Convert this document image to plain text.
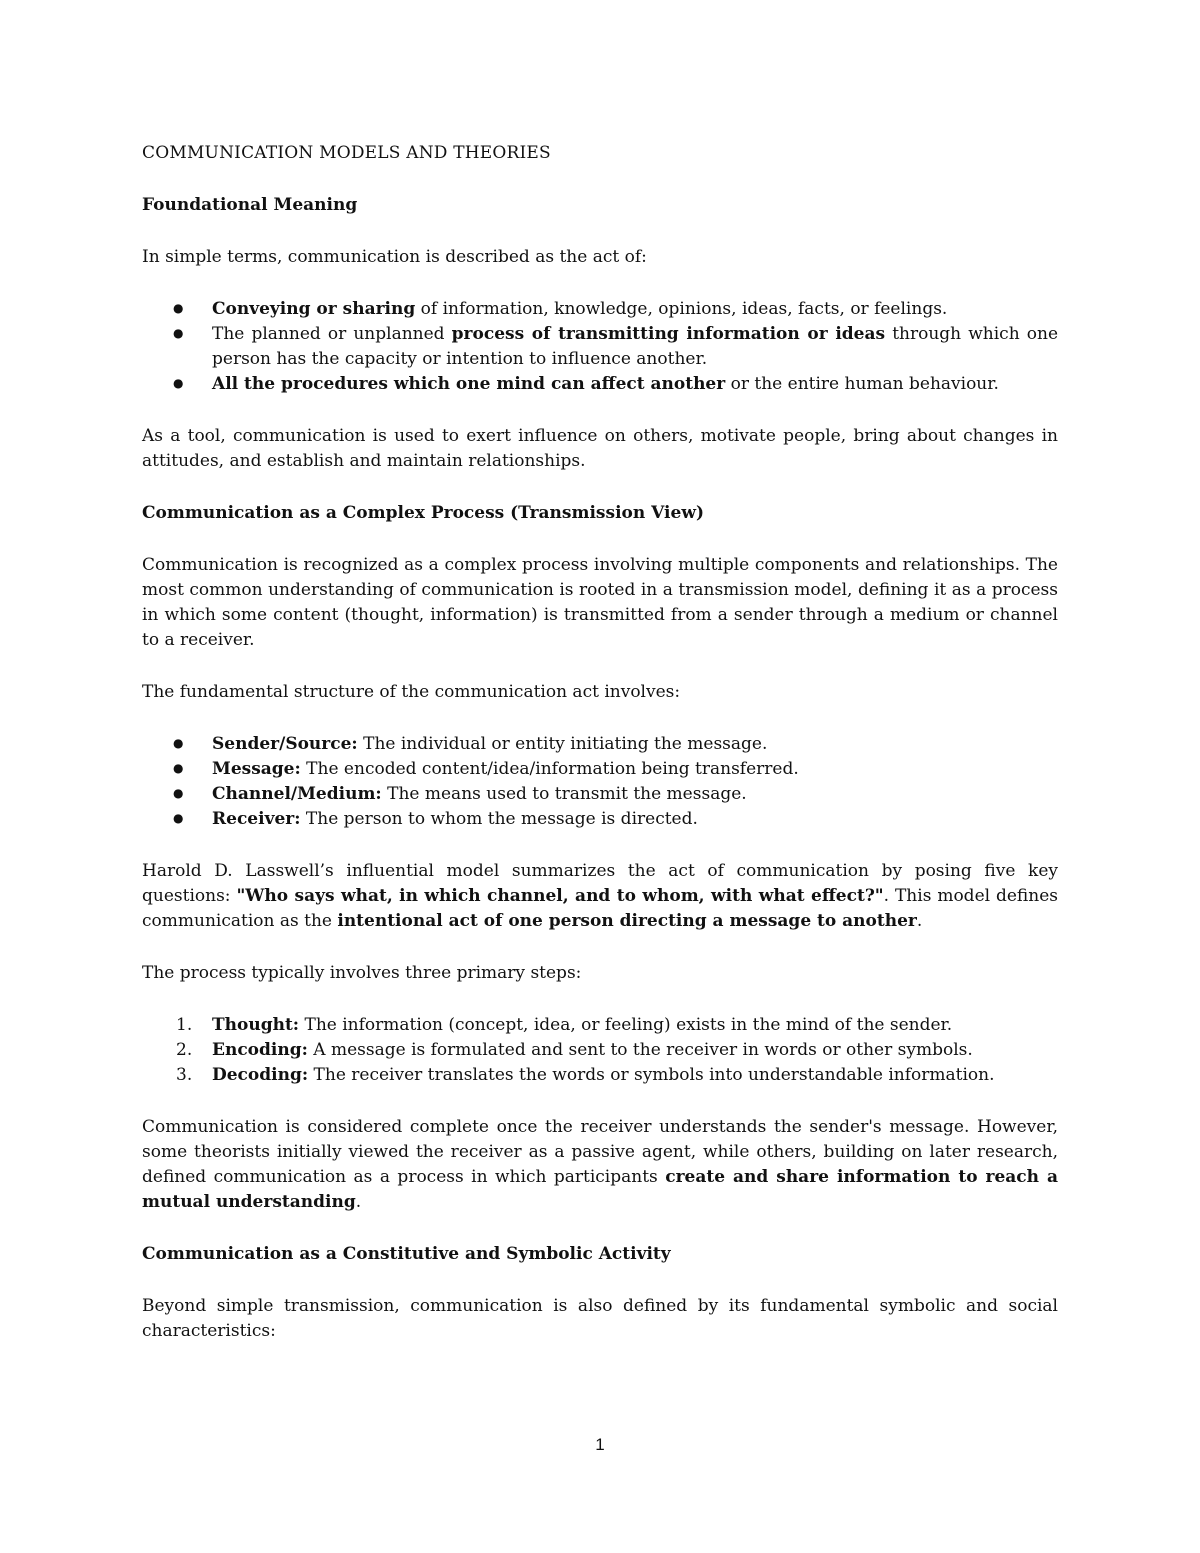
COMMUNICATION MODELS AND THEORIES
Foundational Meaning

In simple terms, communication is described as the act of:

● Conveying or sharing of information, knowledge, opinions, ideas, facts, or feelings.
● The planned or unplanned process of transmitting information or ideas through which one person has the capacity or intention to influence another.
● All the procedures which one mind can affect another or the entire human behaviour.

As a tool, communication is used to exert influence on others, motivate people, bring about changes in attitudes, and establish and maintain relationships.

Communication as a Complex Process (Transmission View)

Communication is recognized as a complex process involving multiple components and relationships. The most common understanding of communication is rooted in a transmission model, defining it as a process in which some content (thought, information) is transmitted from a sender through a medium or channel to a receiver.

The fundamental structure of the communication act involves:

● Sender/Source: The individual or entity initiating the message.
● Message: The encoded content/idea/information being transferred.
● Channel/Medium: The means used to transmit the message.
● Receiver: The person to whom the message is directed.

Harold D. Lasswell’s influential model summarizes the act of communication by posing five key questions: "Who says what, in which channel, and to whom, with what effect?". This model defines communication as the intentional act of one person directing a message to another.

The process typically involves three primary steps:

1. Thought: The information (concept, idea, or feeling) exists in the mind of the sender.
2. Encoding: A message is formulated and sent to the receiver in words or other symbols.
3. Decoding: The receiver translates the words or symbols into understandable information.

Communication is considered complete once the receiver understands the sender's message. However, some theorists initially viewed the receiver as a passive agent, while others, building on later research, defined communication as a process in which participants create and share information to reach a mutual understanding.

Communication as a Constitutive and Symbolic Activity

Beyond simple transmission, communication is also defined by its fundamental symbolic and social characteristics:

1
